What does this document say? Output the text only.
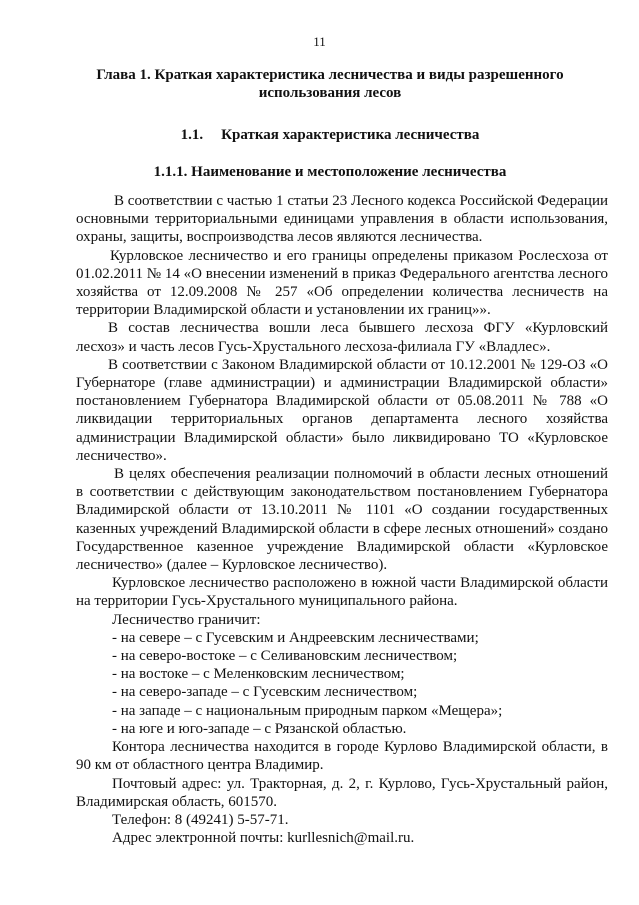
11
Глава 1. Краткая характеристика лесничества и виды разрешенного использования лесов
1.1. Краткая характеристика лесничества
1.1.1. Наименование и местоположение лесничества

В соответствии с частью 1 статьи 23 Лесного кодекса Российской Федерации основными территориальными единицами управления в области использования, охраны, защиты, воспроизводства лесов являются лесничества.

Курловское лесничество и его границы определены приказом Рослесхоза от 01.02.2011 № 14 «О внесении изменений в приказ Федерального агентства лесного хозяйства от 12.09.2008 № 257 «Об определении количества лесничеств на территории Владимирской области и установлении их границ»».

В состав лесничества вошли леса бывшего лесхоза ФГУ «Курловский лесхоз» и часть лесов Гусь-Хрустального лесхоза-филиала ГУ «Владлес».

В соответствии с Законом Владимирской области от 10.12.2001 № 129-ОЗ «О Губернаторе (главе администрации) и администрации Владимирской области» постановлением Губернатора Владимирской области от 05.08.2011 № 788 «О ликвидации территориальных органов департамента лесного хозяйства администрации Владимирской области» было ликвидировано ТО «Курловское лесничество».

В целях обеспечения реализации полномочий в области лесных отношений в соответствии с действующим законодательством постановлением Губернатора Владимирской области от 13.10.2011 № 1101 «О создании государственных казенных учреждений Владимирской области в сфере лесных отношений» создано Государственное казенное учреждение Владимирской области «Курловское лесничество» (далее – Курловское лесничество).

Курловское лесничество расположено в южной части Владимирской области на территории Гусь-Хрустального муниципального района.

Лесничество граничит:

- на севере – с Гусевским и Андреевским лесничествами;

- на северо-востоке – с Селивановским лесничеством;

- на востоке – с Меленковским лесничеством;

- на северо-западе – с Гусевским лесничеством;

- на западе – с национальным природным парком «Мещера»;

- на юге и юго-западе – с Рязанской областью.

Контора лесничества находится в городе Курлово Владимирской области, в 90 км от областного центра Владимир.

Почтовый адрес: ул. Тракторная, д. 2, г. Курлово, Гусь-Хрустальный район, Владимирская область, 601570.

Телефон: 8 (49241) 5-57-71.

Адрес электронной почты: kurllesnich@mail.ru.
